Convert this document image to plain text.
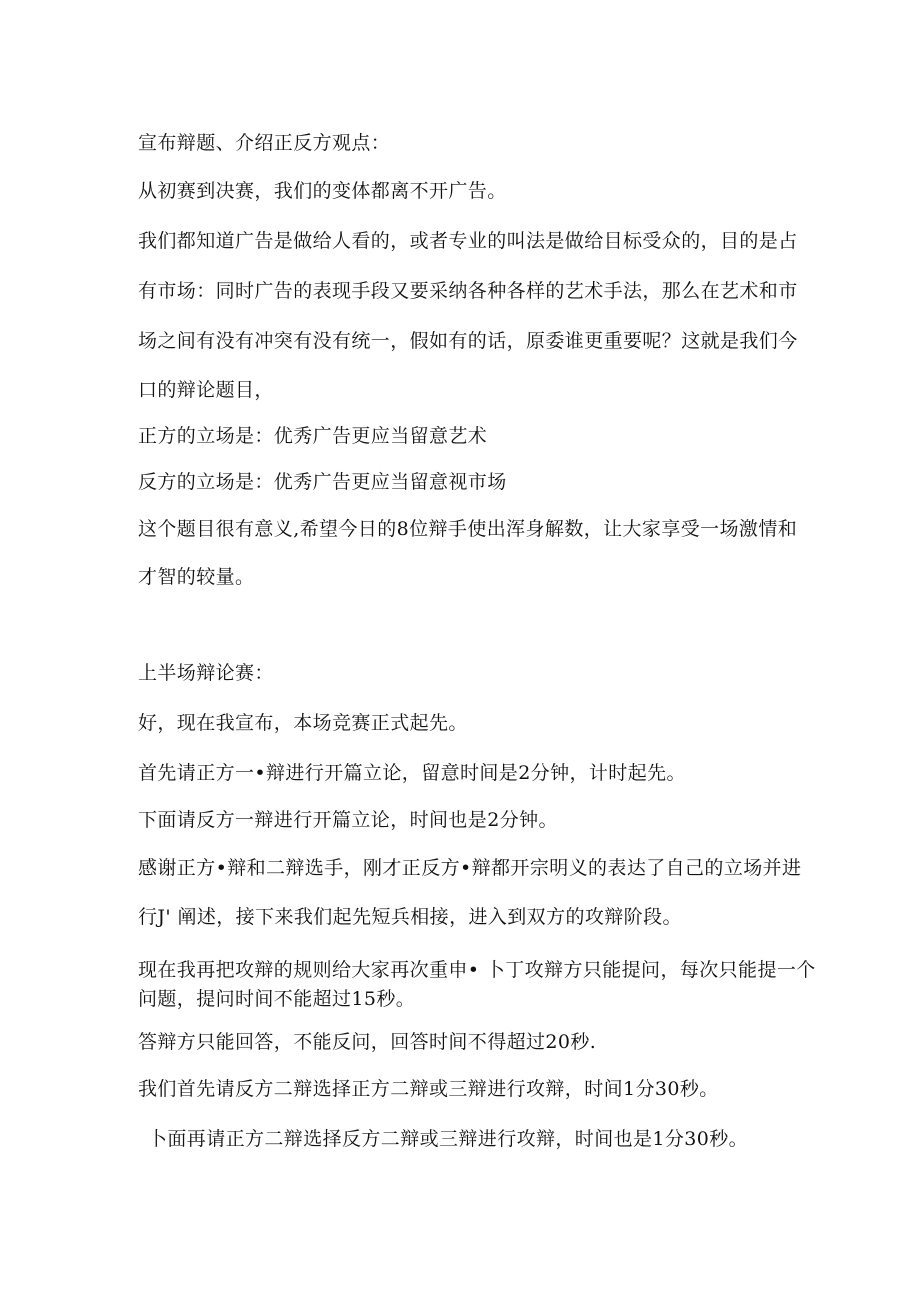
宣布辩题、介绍正反方观点：
从初赛到决赛，我们的变体都离不开广告。
我们都知道广告是做给人看的，或者专业的叫法是做给目标受众的，目的是占
有市场：同时广告的表现手段又要采纳各种各样的艺术手法，那么在艺术和市
场之间有没有冲突有没有统一，假如有的话，原委谁更重要呢？这就是我们今
口的辩论题目，
正方的立场是：优秀广告更应当留意艺术
反方的立场是：优秀广告更应当留意视市场
这个题目很有意义,希望今日的8位辩手使出浑身解数，让大家享受一场激情和
才智的较量。
上半场辩论赛：
好，现在我宣布，本场竞赛正式起先。
首先请正方一•辩进行开篇立论，留意时间是2分钟，计时起先。
下面请反方一辩进行开篇立论，时间也是2分钟。
感谢正方•辩和二辩选手，刚才正反方•辩都开宗明义的表达了自己的立场并进
行J' 阐述，接下来我们起先短兵相接，进入到双方的攻辩阶段。
现在我再把攻辩的规则给大家再次重申• 卜丁攻辩方只能提问，每次只能提一个
问题，提问时间不能超过15秒。
答辩方只能回答，不能反问，回答时间不得超过20秒.
我们首先请反方二辩选择正方二辩或三辩进行攻辩，时间1分30秒。
卜面再请正方二辩选择反方二辩或三辩进行攻辩，时间也是1分30秒。
